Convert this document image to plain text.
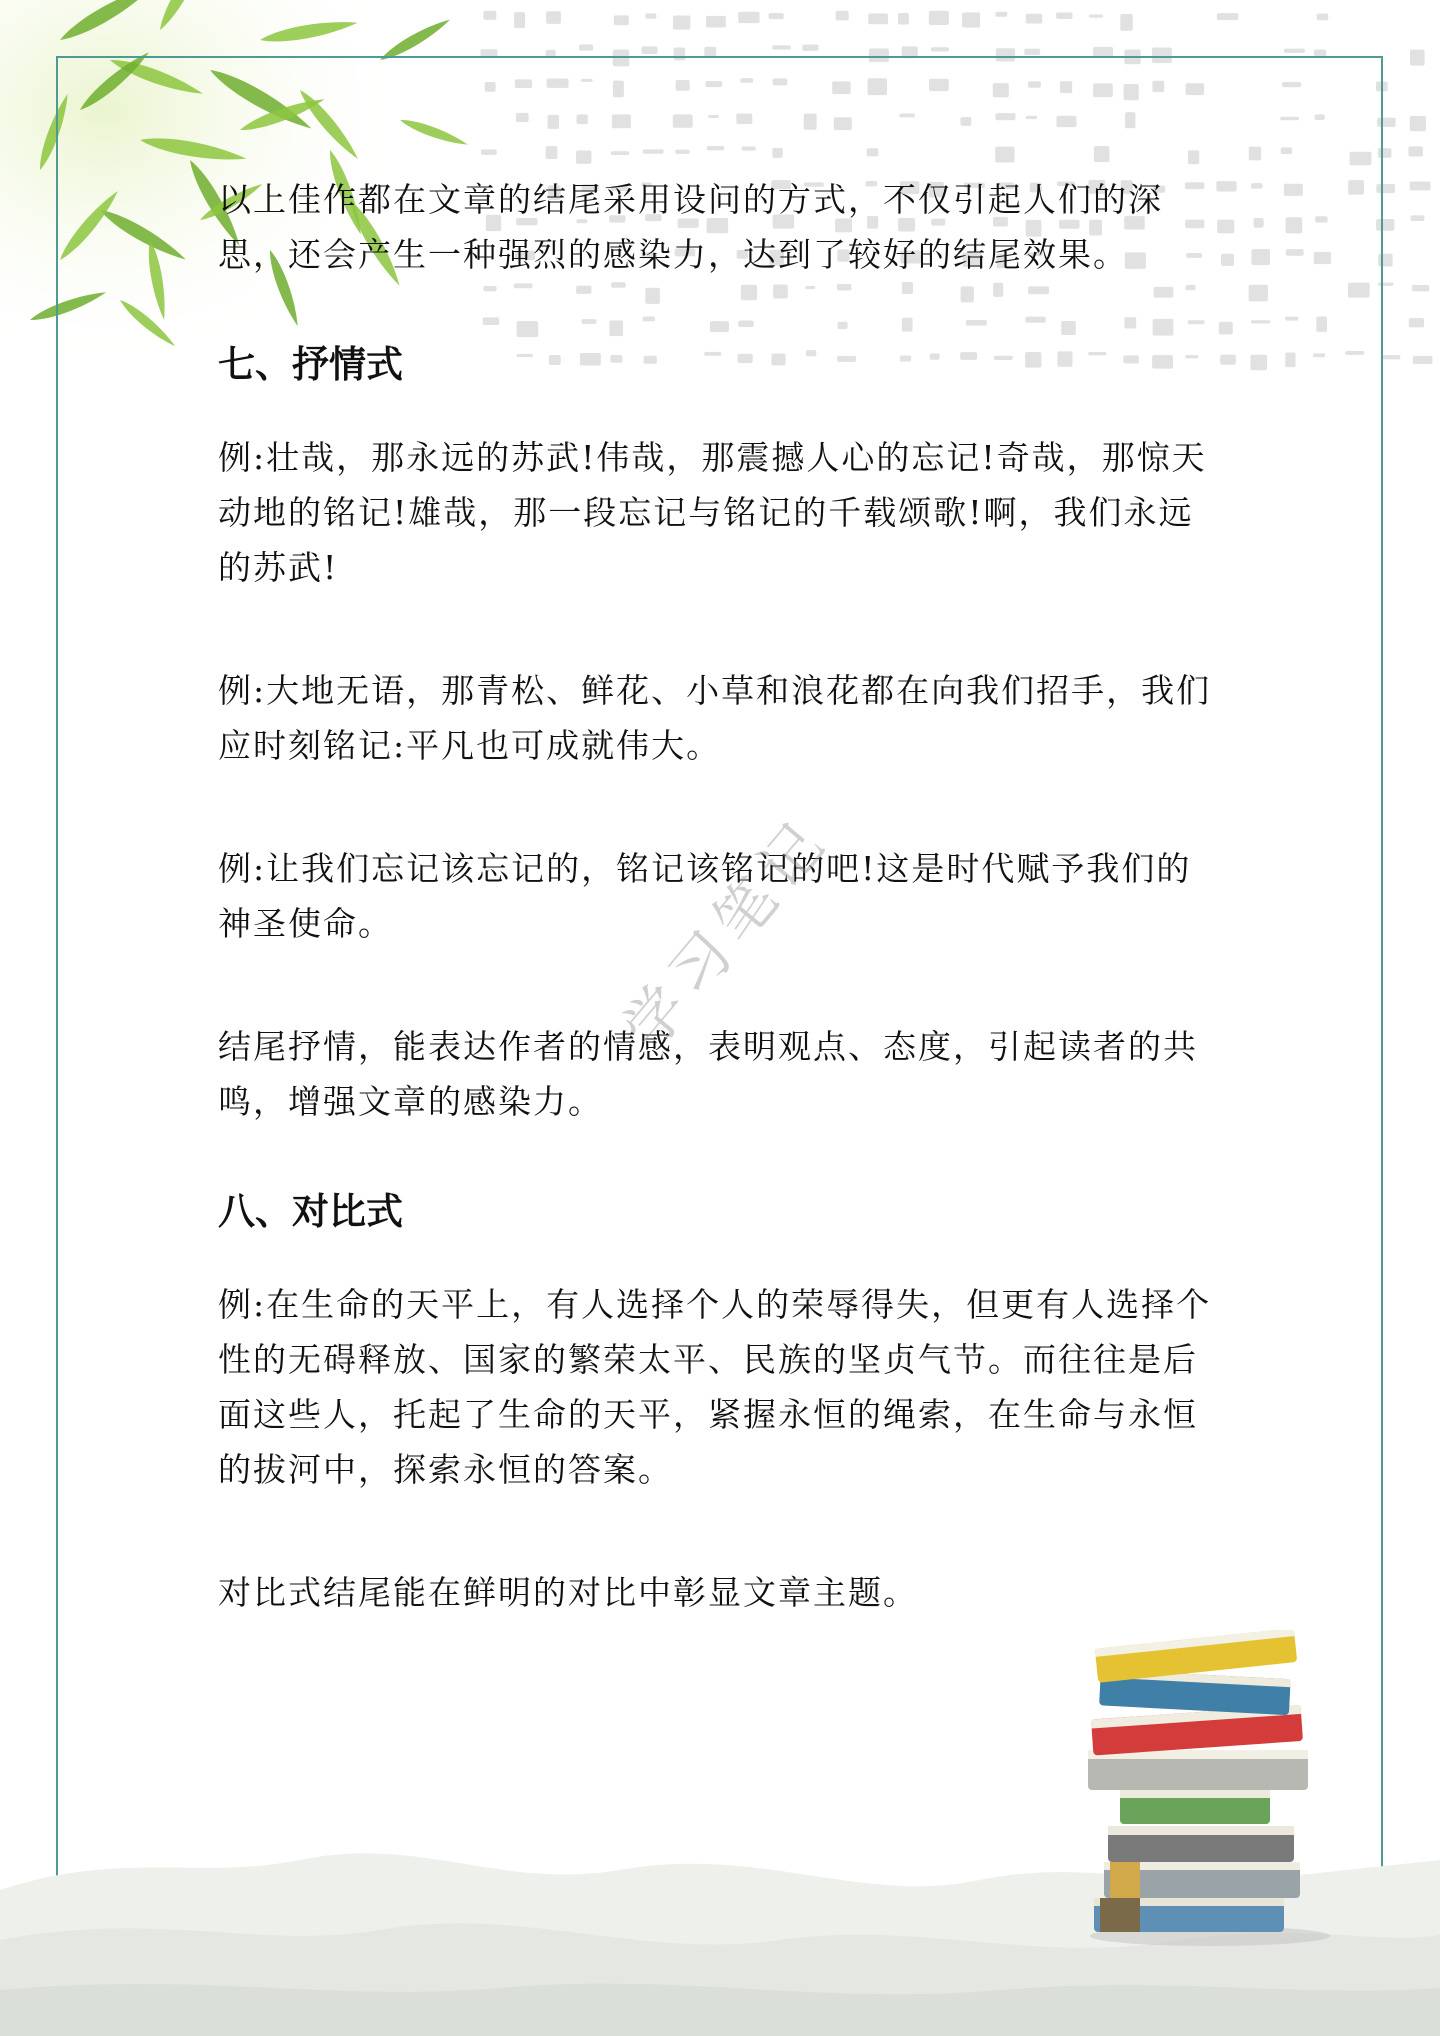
以上佳作都在文章的结尾采用设问的方式，不仅引起人们的深思，还会产生一种强烈的感染力，达到了较好的结尾效果。

七、抒情式

例:壮哉，那永远的苏武!伟哉，那震撼人心的忘记!奇哉，那惊天动地的铭记!雄哉，那一段忘记与铭记的千载颂歌!啊，我们永远的苏武!

例:大地无语，那青松、鲜花、小草和浪花都在向我们招手，我们应时刻铭记:平凡也可成就伟大。

例:让我们忘记该忘记的，铭记该铭记的吧!这是时代赋予我们的神圣使命。

结尾抒情，能表达作者的情感，表明观点、态度，引起读者的共鸣，增强文章的感染力。

八、对比式

例:在生命的天平上，有人选择个人的荣辱得失，但更有人选择个性的无碍释放、国家的繁荣太平、民族的坚贞气节。而往往是后面这些人，托起了生命的天平，紧握永恒的绳索，在生命与永恒的拔河中，探索永恒的答案。

对比式结尾能在鲜明的对比中彰显文章主题。

学习笔记
